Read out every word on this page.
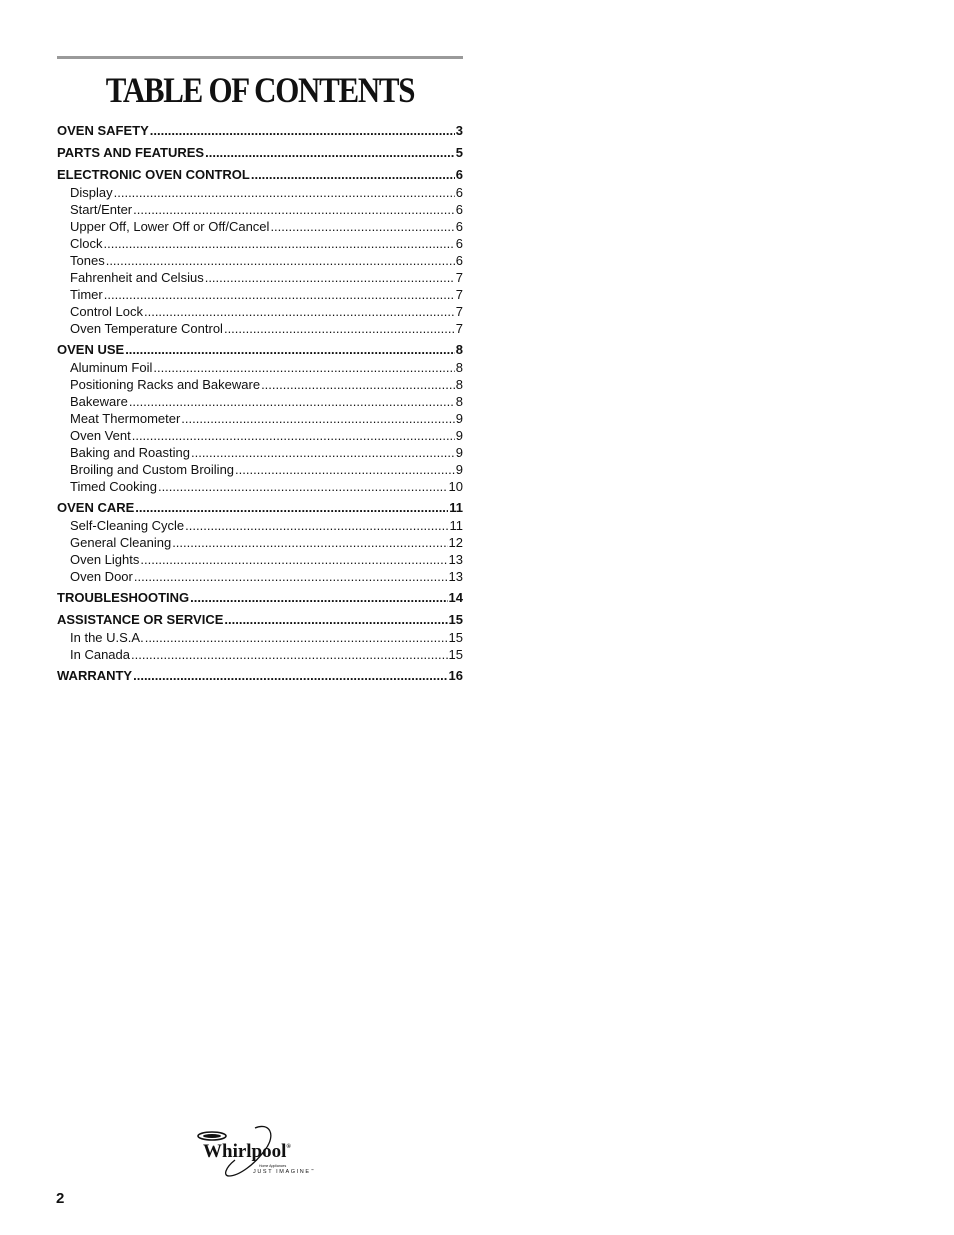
TABLE OF CONTENTS
OVEN SAFETY .....	3
PARTS AND FEATURES .....	5
ELECTRONIC OVEN CONTROL .....	6
Display .....	6
Start/Enter .....	6
Upper Off, Lower Off or Off/Cancel .....	6
Clock .....	6
Tones .....	6
Fahrenheit and Celsius .....	7
Timer .....	7
Control Lock .....	7
Oven Temperature Control .....	7
OVEN USE .....	8
Aluminum Foil .....	8
Positioning Racks and Bakeware .....	8
Bakeware .....	8
Meat Thermometer .....	9
Oven Vent .....	9
Baking and Roasting .....	9
Broiling and Custom Broiling .....	9
Timed Cooking .....	10
OVEN CARE .....	11
Self-Cleaning Cycle .....	11
General Cleaning .....	12
Oven Lights .....	13
Oven Door .....	13
TROUBLESHOOTING .....	14
ASSISTANCE OR SERVICE .....	15
In the U.S.A. .....	15
In Canada .....	15
WARRANTY .....	16
Whirlpool®
Home Appliances
JUST IMAGINE™
2
